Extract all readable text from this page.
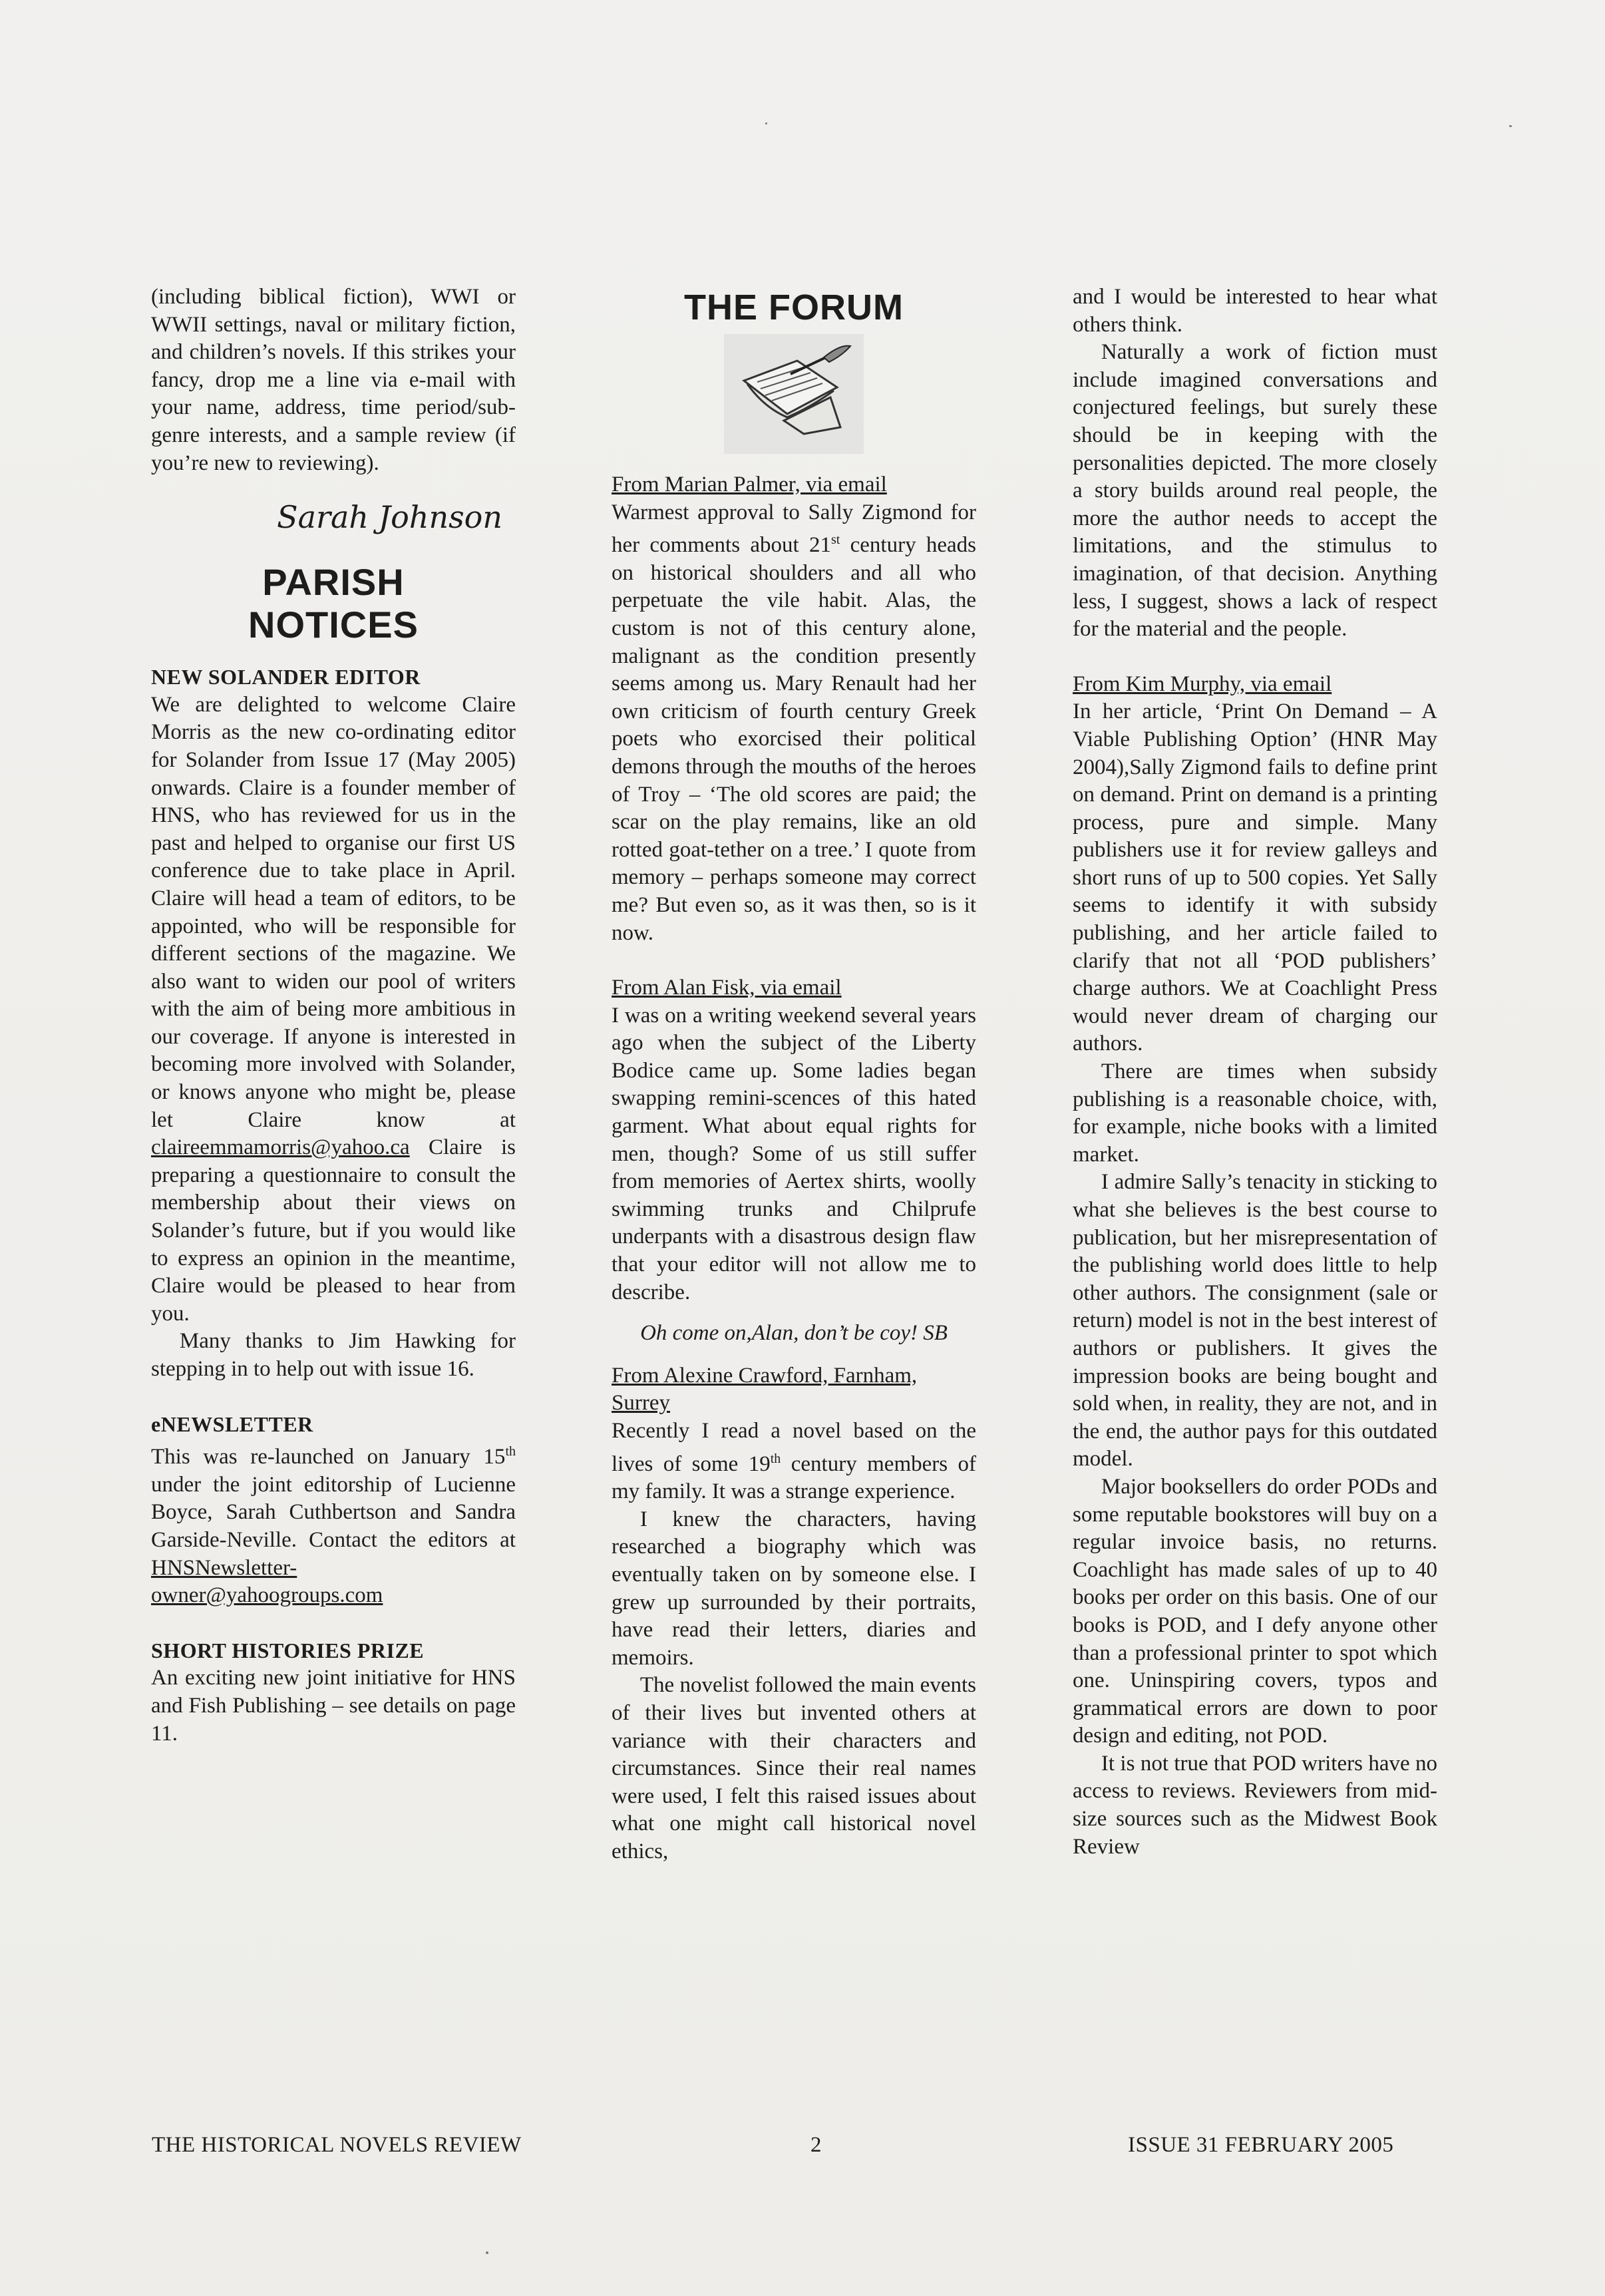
(including biblical fiction), WWI or WWII settings, naval or military fiction, and children’s novels. If this strikes your fancy, drop me a line via e-mail with your name, address, time period/sub-genre interests, and a sample review (if you’re new to reviewing).

Sarah Johnson
PARISH
NOTICES

NEW SOLANDER EDITOR

We are delighted to welcome Claire Morris as the new co-ordinating editor for Solander from Issue 17 (May 2005) onwards. Claire is a founder member of HNS, who has reviewed for us in the past and helped to organise our first US conference due to take place in April. Claire will head a team of editors, to be appointed, who will be responsible for different sections of the magazine. We also want to widen our pool of writers with the aim of being more ambitious in our coverage. If anyone is interested in becoming more involved with Solander, or knows anyone who might be, please let Claire know at claireemmamorris@yahoo.ca Claire is preparing a questionnaire to consult the membership about their views on Solander’s future, but if you would like to express an opinion in the meantime, Claire would be pleased to hear from you.

Many thanks to Jim Hawking for stepping in to help out with issue 16.

eNEWSLETTER

This was re-launched on January 15th under the joint editorship of Lucienne Boyce, Sarah Cuthbertson and Sandra Garside-Neville. Contact the editors at HNSNewsletter-owner@yahoogroups.com

SHORT HISTORIES PRIZE

An exciting new joint initiative for HNS and Fish Publishing – see details on page 11.

THE FORUM

From Marian Palmer, via email

Warmest approval to Sally Zigmond for her comments about 21st century heads on historical shoulders and all who perpetuate the vile habit. Alas, the custom is not of this century alone, malignant as the condition presently seems among us. Mary Renault had her own criticism of fourth century Greek poets who exorcised their political demons through the mouths of the heroes of Troy – ‘The old scores are paid; the scar on the play remains, like an old rotted goat-tether on a tree.’ I quote from memory – perhaps someone may correct me? But even so, as it was then, so is it now.

From Alan Fisk, via email

I was on a writing weekend several years ago when the subject of the Liberty Bodice came up. Some ladies began swapping remini-scences of this hated garment. What about equal rights for men, though? Some of us still suffer from memories of Aertex shirts, woolly swimming trunks and Chilprufe underpants with a disastrous design flaw that your editor will not allow me to describe.

Oh come on,Alan, don’t be coy! SB

From Alexine Crawford, Farnham, Surrey

Recently I read a novel based on the lives of some 19th century members of my family. It was a strange experience.

I knew the characters, having researched a biography which was eventually taken on by someone else. I grew up surrounded by their portraits, have read their letters, diaries and memoirs.

The novelist followed the main events of their lives but invented others at variance with their characters and circumstances. Since their real names were used, I felt this raised issues about what one might call historical novel ethics,

and I would be interested to hear what others think.

Naturally a work of fiction must include imagined conversations and conjectured feelings, but surely these should be in keeping with the personalities depicted. The more closely a story builds around real people, the more the author needs to accept the limitations, and the stimulus to imagination, of that decision. Anything less, I suggest, shows a lack of respect for the material and the people.

From Kim Murphy, via email

In her article, ‘Print On Demand – A Viable Publishing Option’ (HNR May 2004),Sally Zigmond fails to define print on demand. Print on demand is a printing process, pure and simple. Many publishers use it for review galleys and short runs of up to 500 copies. Yet Sally seems to identify it with subsidy publishing, and her article failed to clarify that not all ‘POD publishers’ charge authors. We at Coachlight Press would never dream of charging our authors.

There are times when subsidy publishing is a reasonable choice, with, for example, niche books with a limited market.

I admire Sally’s tenacity in sticking to what she believes is the best course to publication, but her misrepresentation of the publishing world does little to help other authors. The consignment (sale or return) model is not in the best interest of authors or publishers. It gives the impression books are being bought and sold when, in reality, they are not, and in the end, the author pays for this outdated model.

Major booksellers do order PODs and some reputable bookstores will buy on a regular invoice basis, no returns. Coachlight has made sales of up to 40 books per order on this basis. One of our books is POD, and I defy anyone other than a professional printer to spot which one. Uninspiring covers, typos and grammatical errors are down to poor design and editing, not POD.

It is not true that POD writers have no access to reviews. Reviewers from mid-size sources such as the Midwest Book Review

THE HISTORICAL NOVELS REVIEW	2	ISSUE 31 FEBRUARY 2005
